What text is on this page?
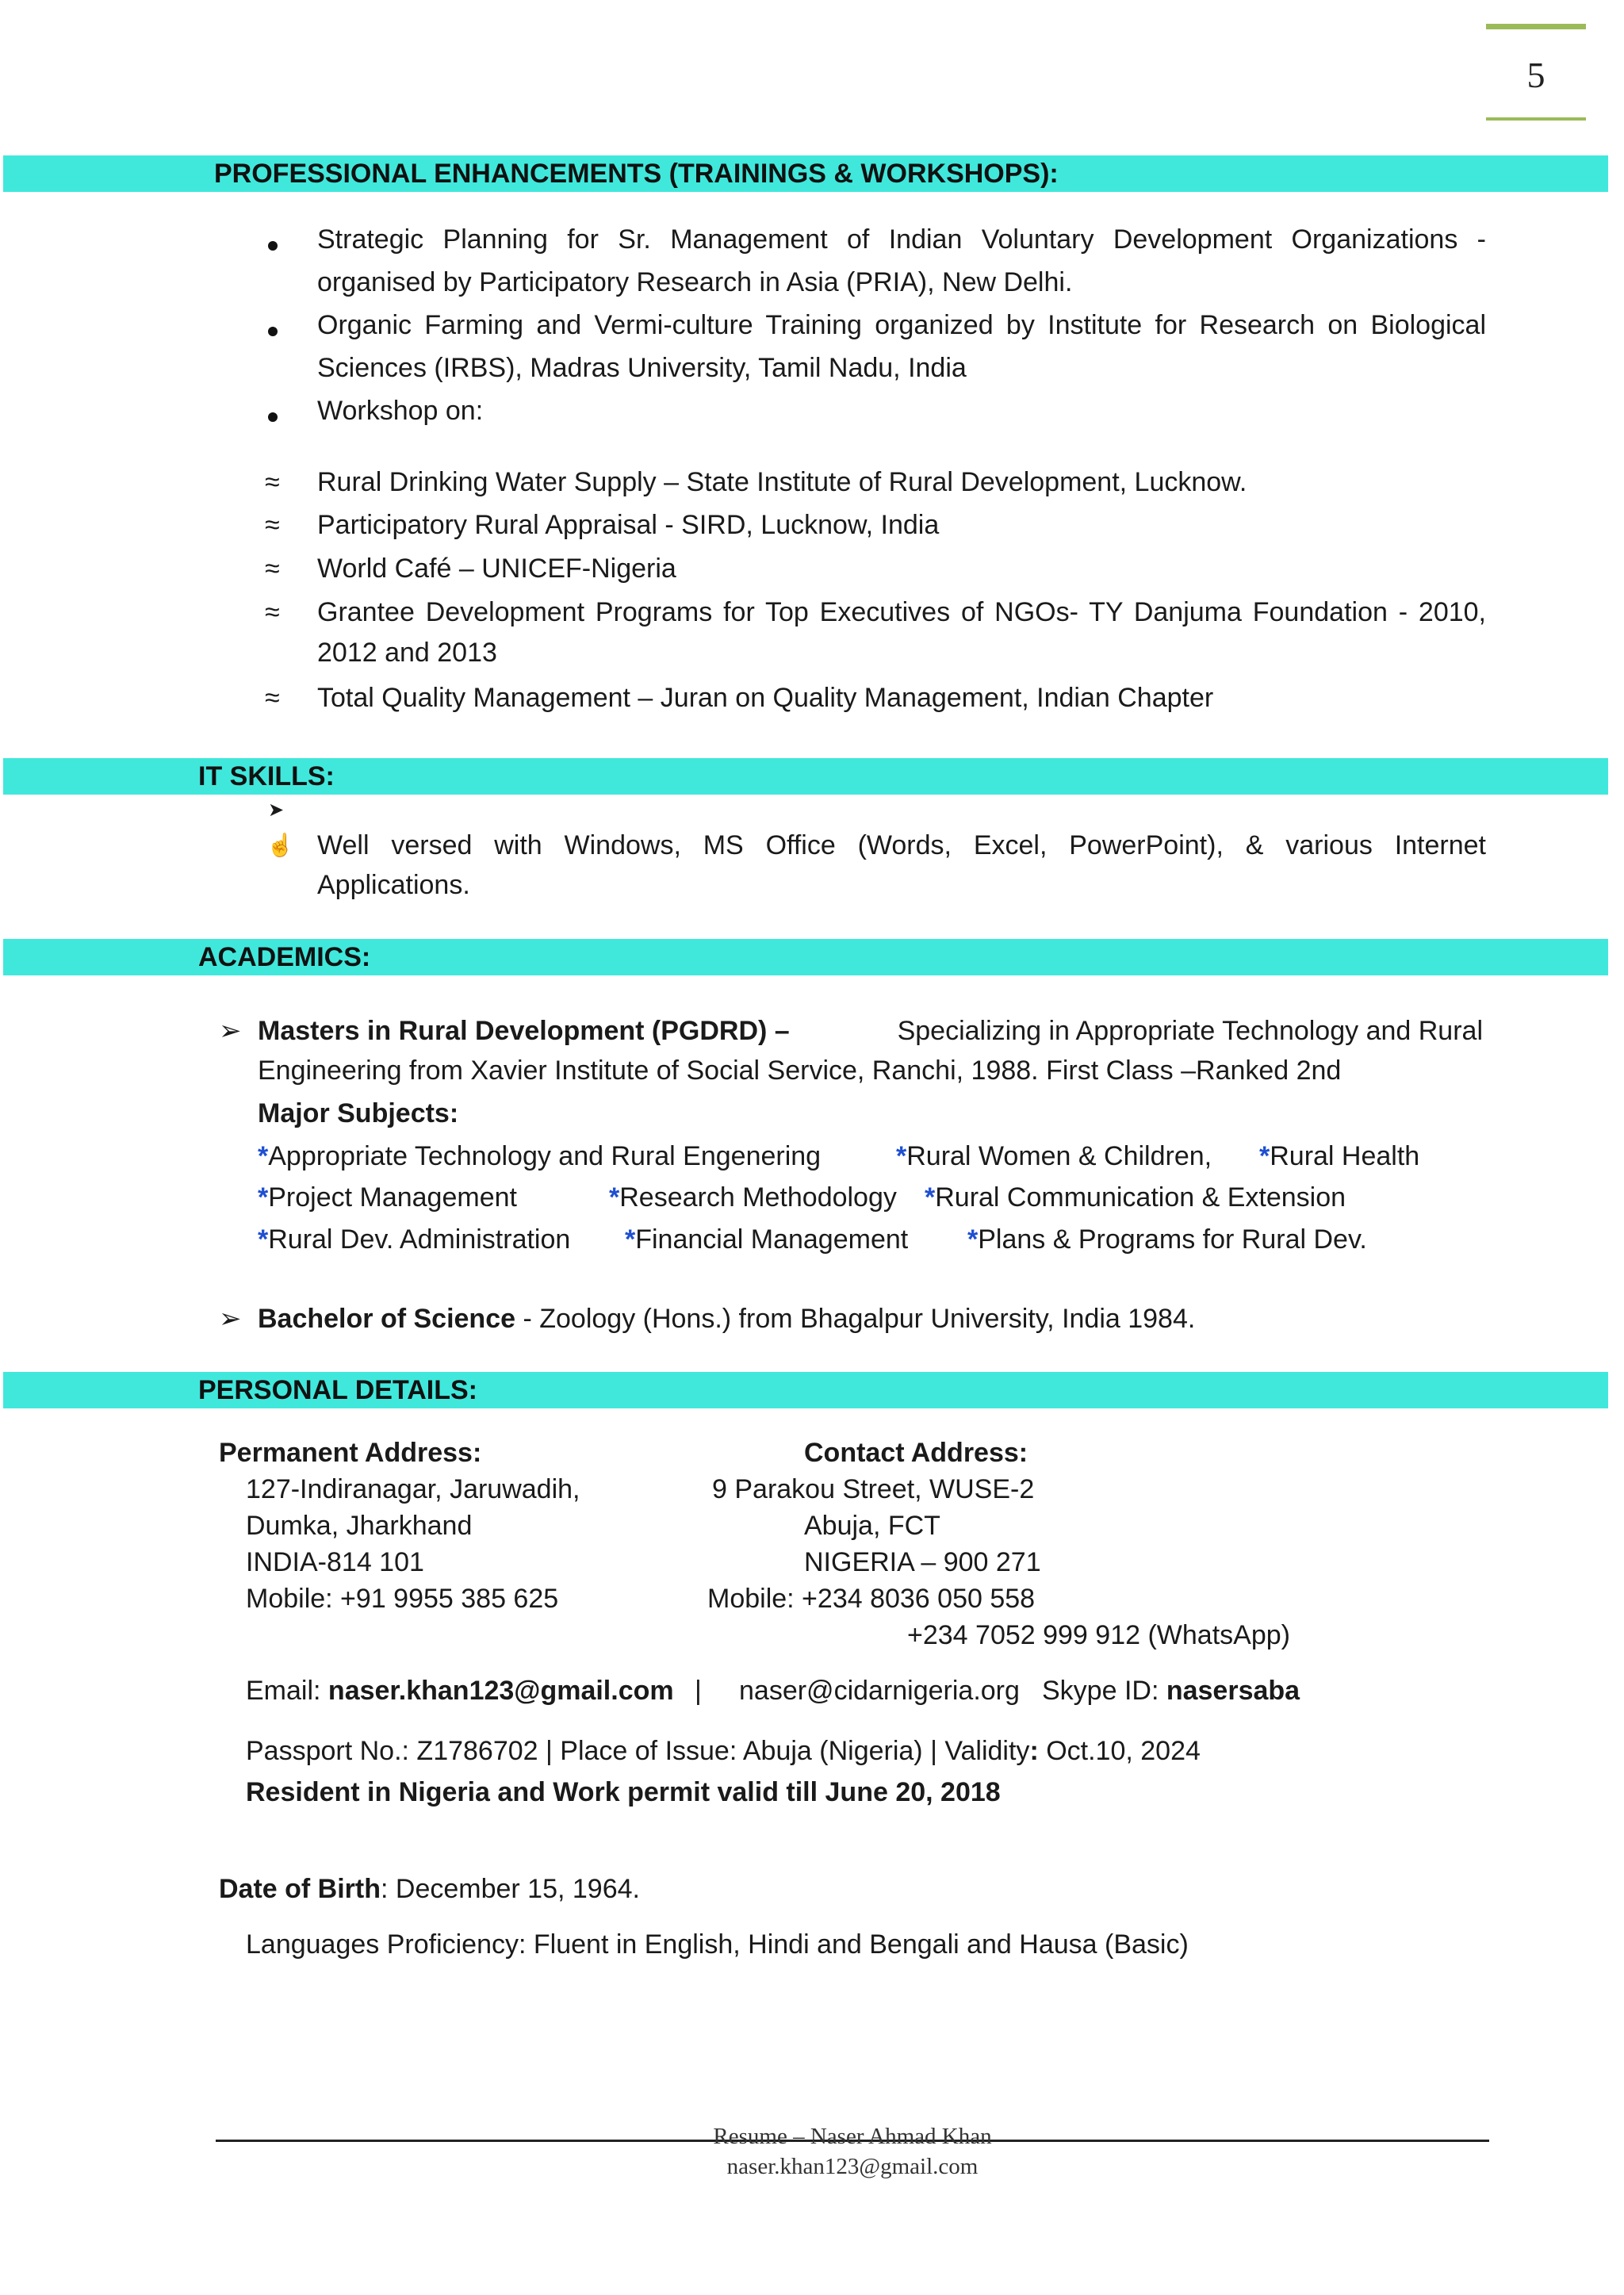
5
PROFESSIONAL ENHANCEMENTS (TRAININGS & WORKSHOPS):
Strategic Planning for Sr. Management of Indian Voluntary Development Organizations -
organised by Participatory Research in Asia (PRIA), New Delhi.
Organic Farming and Vermi-culture Training organized by Institute for Research on Biological
Sciences (IRBS), Madras University, Tamil Nadu, India
Workshop on:
≈ Rural Drinking Water Supply – State Institute of Rural Development, Lucknow.
≈ Participatory Rural Appraisal - SIRD, Lucknow, India
≈ World Café – UNICEF-Nigeria
≈ Grantee Development Programs for Top Executives of NGOs- TY Danjuma Foundation - 2010,
2012 and 2013
≈ Total Quality Management – Juran on Quality Management, Indian Chapter
IT SKILLS:
➤
☝ Well versed with Windows, MS Office (Words, Excel, PowerPoint), & various Internet
Applications.
ACADEMICS:
➢ Masters in Rural Development (PGDRD) –	Specializing in Appropriate Technology and Rural
Engineering from Xavier Institute of Social Service, Ranchi, 1988. First Class –Ranked 2nd
Major Subjects:
*Appropriate Technology and Rural Engenering	*Rural Women & Children, *Rural Health
*Project Management	*Research Methodology *Rural Communication & Extension
*Rural Dev. Administration *Financial Management *Plans & Programs for Rural Dev.
➢ Bachelor of Science - Zoology (Hons.) from Bhagalpur University, India 1984.
PERSONAL DETAILS:
Permanent Address:
127-Indiranagar, Jaruwadih,
Dumka, Jharkhand
INDIA-814 101
Mobile: +91 9955 385 625
Contact Address:
9 Parakou Street, WUSE-2
Abuja, FCT
NIGERIA – 900 271
Mobile: +234 8036 050 558
+234 7052 999 912 (WhatsApp)
Email: naser.khan123@gmail.com | naser@cidarnigeria.org Skype ID: nasersaba
Passport No.: Z1786702 | Place of Issue: Abuja (Nigeria) | Validity: Oct.10, 2024
Resident in Nigeria and Work permit valid till June 20, 2018
Date of Birth: December 15, 1964.
Languages Proficiency: Fluent in English, Hindi and Bengali and Hausa (Basic)
Resume – Naser Ahmad Khan
naser.khan123@gmail.com
